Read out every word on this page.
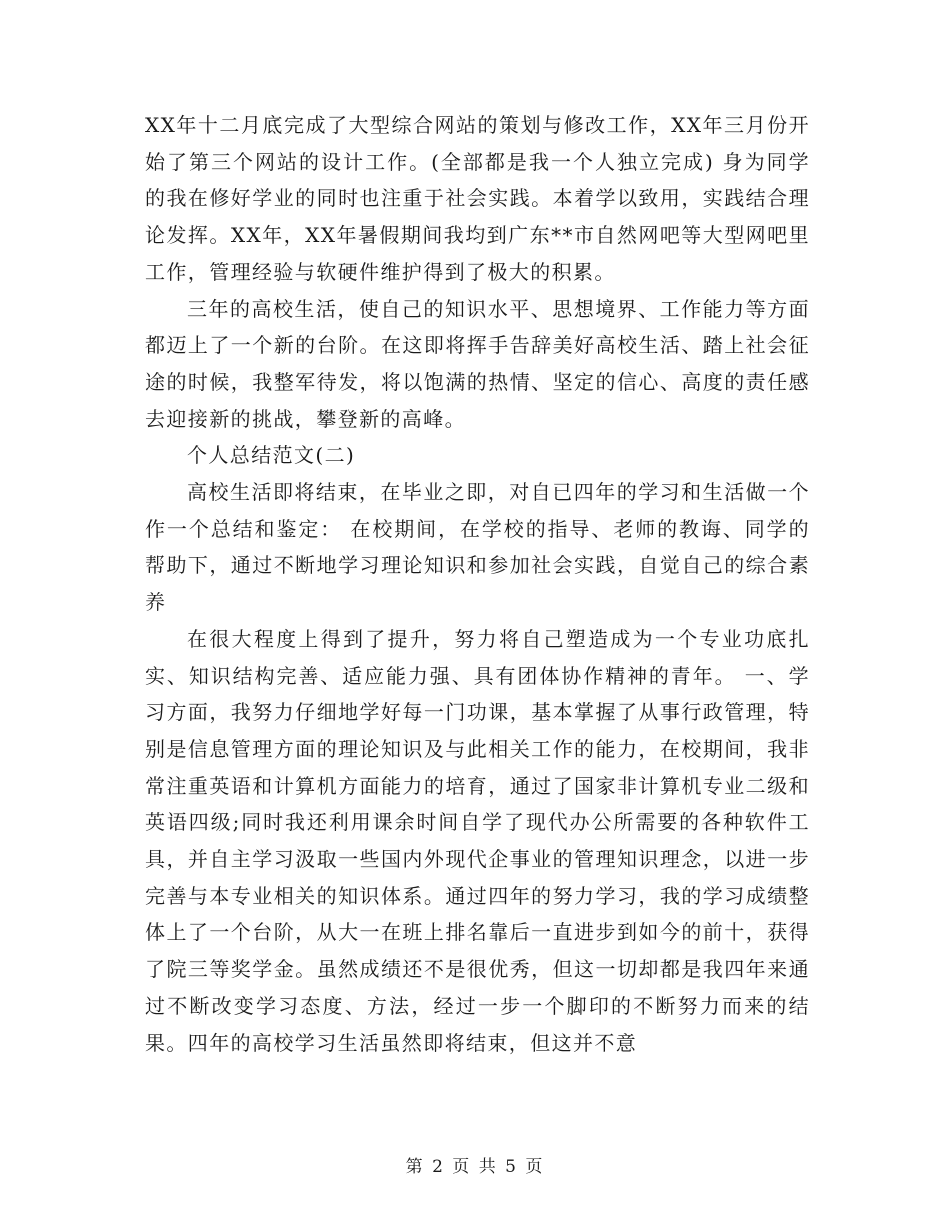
XX年十二月底完成了大型综合网站的策划与修改工作，XX年三月份开始了第三个网站的设计工作。(全部都是我一个人独立完成) 身为同学的我在修好学业的同时也注重于社会实践。本着学以致用，实践结合理论发挥。XX年，XX年暑假期间我均到广东**市自然网吧等大型网吧里工作，管理经验与软硬件维护得到了极大的积累。

三年的高校生活，使自己的知识水平、思想境界、工作能力等方面都迈上了一个新的台阶。在这即将挥手告辞美好高校生活、踏上社会征途的时候，我整军待发，将以饱满的热情、坚定的信心、高度的责任感去迎接新的挑战，攀登新的高峰。

个人总结范文(二)

高校生活即将结束，在毕业之即，对自已四年的学习和生活做一个作一个总结和鉴定： 在校期间，在学校的指导、老师的教诲、同学的帮助下，通过不断地学习理论知识和参加社会实践，自觉自己的综合素养

在很大程度上得到了提升，努力将自己塑造成为一个专业功底扎实、知识结构完善、适应能力强、具有团体协作精神的青年。 一、学习方面，我努力仔细地学好每一门功课，基本掌握了从事行政管理，特别是信息管理方面的理论知识及与此相关工作的能力，在校期间，我非常注重英语和计算机方面能力的培育，通过了国家非计算机专业二级和英语四级;同时我还利用课余时间自学了现代办公所需要的各种软件工具，并自主学习汲取一些国内外现代企事业的管理知识理念，以进一步完善与本专业相关的知识体系。通过四年的努力学习，我的学习成绩整体上了一个台阶，从大一在班上排名靠后一直进步到如今的前十，获得了院三等奖学金。虽然成绩还不是很优秀，但这一切却都是我四年来通过不断改变学习态度、方法，经过一步一个脚印的不断努力而来的结果。四年的高校学习生活虽然即将结束，但这并不意

第 2 页 共 5 页
